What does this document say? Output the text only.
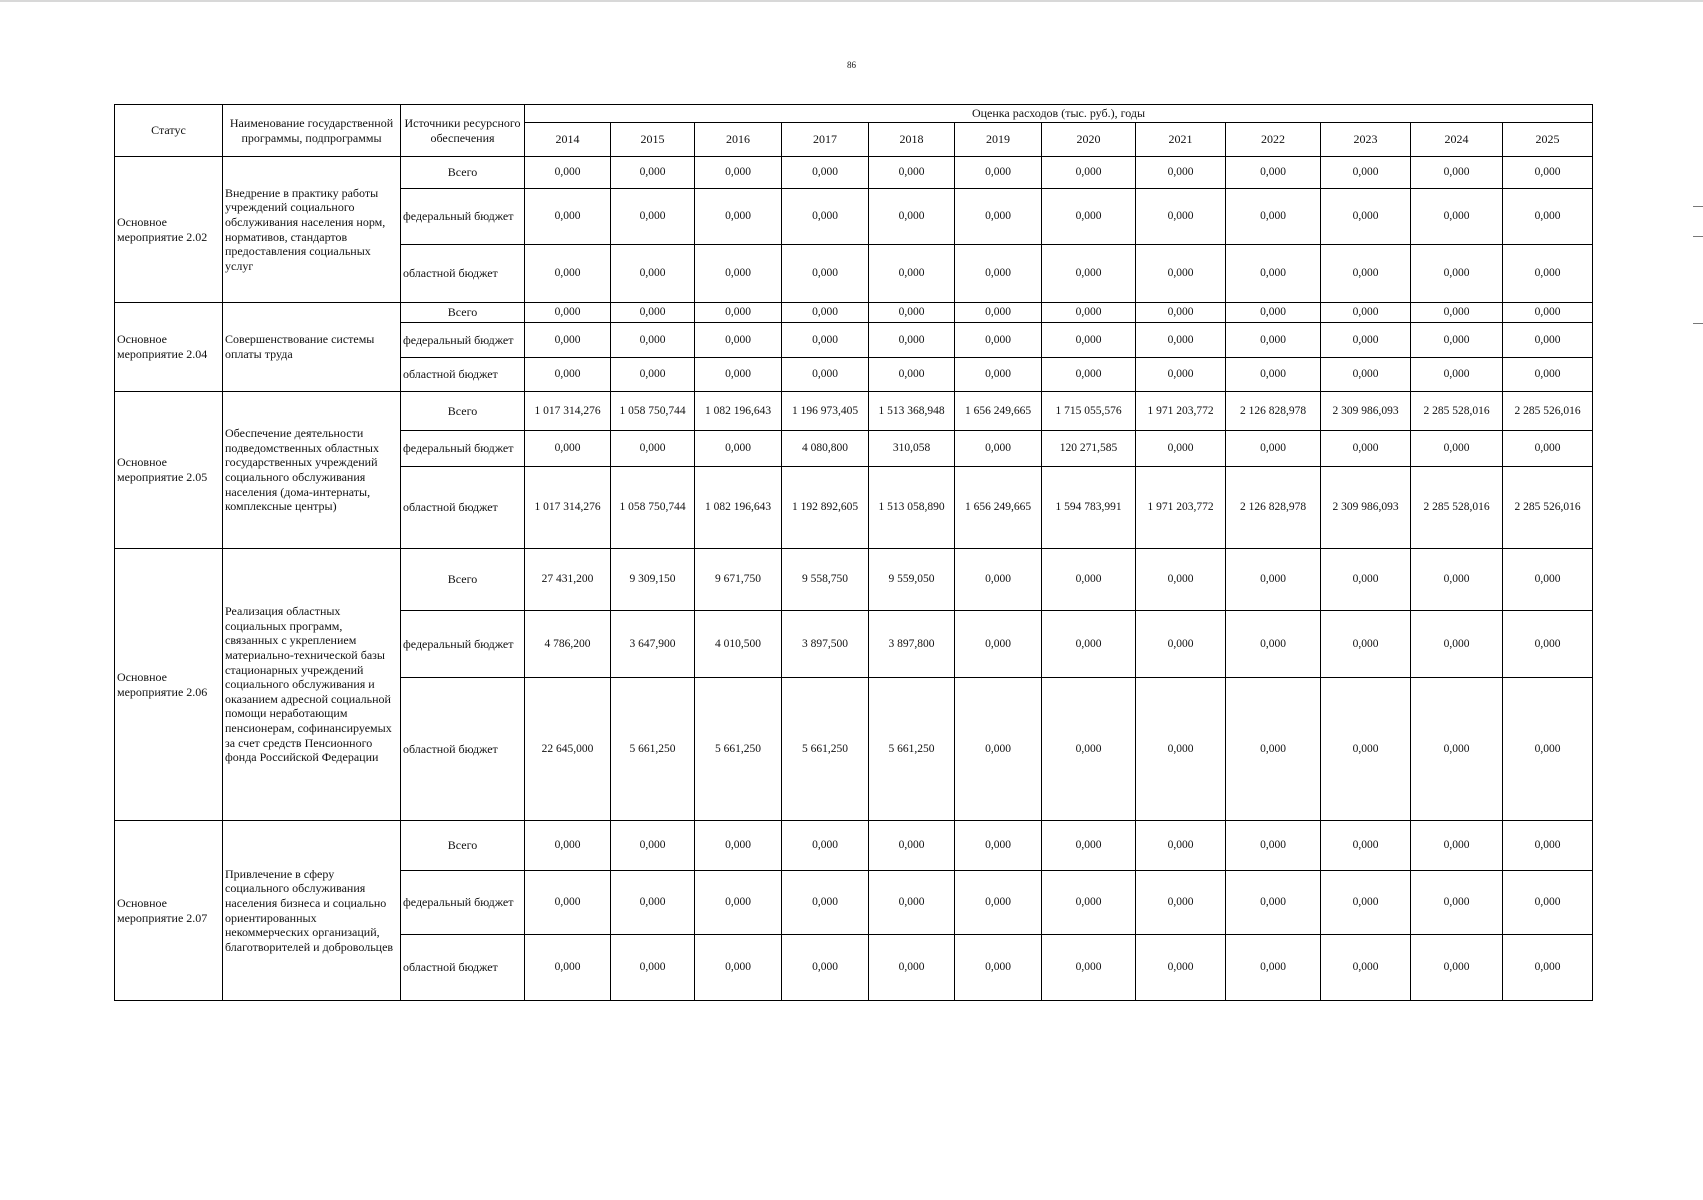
86
Статус	Наименование государственной программы, подпрограммы	Источники ресурсного обеспечения	Оценка расходов (тыс. руб.), годы											
			2014	2015	2016	2017	2018	2019	2020	2021	2022	2023	2024	2025
Основное мероприятие 2.02	Внедрение в практику работы учреждений социального обслуживания населения норм, нормативов, стандартов предоставления социальных услуг	Всего	0,000	0,000	0,000	0,000	0,000	0,000	0,000	0,000	0,000	0,000	0,000	0,000
		федеральный бюджет	0,000	0,000	0,000	0,000	0,000	0,000	0,000	0,000	0,000	0,000	0,000	0,000
		областной бюджет	0,000	0,000	0,000	0,000	0,000	0,000	0,000	0,000	0,000	0,000	0,000	0,000
Основное мероприятие 2.04	Совершенствование системы оплаты труда	Всего	0,000	0,000	0,000	0,000	0,000	0,000	0,000	0,000	0,000	0,000	0,000	0,000
		федеральный бюджет	0,000	0,000	0,000	0,000	0,000	0,000	0,000	0,000	0,000	0,000	0,000	0,000
		областной бюджет	0,000	0,000	0,000	0,000	0,000	0,000	0,000	0,000	0,000	0,000	0,000	0,000
Основное мероприятие 2.05	Обеспечение деятельности подведомственных областных государственных учреждений социального обслуживания населения (дома-интернаты, комплексные центры)	Всего	1 017 314,276	1 058 750,744	1 082 196,643	1 196 973,405	1 513 368,948	1 656 249,665	1 715 055,576	1 971 203,772	2 126 828,978	2 309 986,093	2 285 528,016	2 285 526,016
		федеральный бюджет	0,000	0,000	0,000	4 080,800	310,058	0,000	120 271,585	0,000	0,000	0,000	0,000	0,000
		областной бюджет	1 017 314,276	1 058 750,744	1 082 196,643	1 192 892,605	1 513 058,890	1 656 249,665	1 594 783,991	1 971 203,772	2 126 828,978	2 309 986,093	2 285 528,016	2 285 526,016
Основное мероприятие 2.06	Реализация областных социальных программ, связанных с укреплением материально-технической базы стационарных учреждений социального обслуживания и оказанием адресной социальной помощи неработающим пенсионерам, софинансируемых за счет средств Пенсионного фонда Российской Федерации	Всего	27 431,200	9 309,150	9 671,750	9 558,750	9 559,050	0,000	0,000	0,000	0,000	0,000	0,000	0,000
		федеральный бюджет	4 786,200	3 647,900	4 010,500	3 897,500	3 897,800	0,000	0,000	0,000	0,000	0,000	0,000	0,000
		областной бюджет	22 645,000	5 661,250	5 661,250	5 661,250	5 661,250	0,000	0,000	0,000	0,000	0,000	0,000	0,000
Основное мероприятие 2.07	Привлечение в сферу социального обслуживания населения бизнеса и социально ориентированных некоммерческих организаций, благотворителей и добровольцев	Всего	0,000	0,000	0,000	0,000	0,000	0,000	0,000	0,000	0,000	0,000	0,000	0,000
		федеральный бюджет	0,000	0,000	0,000	0,000	0,000	0,000	0,000	0,000	0,000	0,000	0,000	0,000
		областной бюджет	0,000	0,000	0,000	0,000	0,000	0,000	0,000	0,000	0,000	0,000	0,000	0,000
